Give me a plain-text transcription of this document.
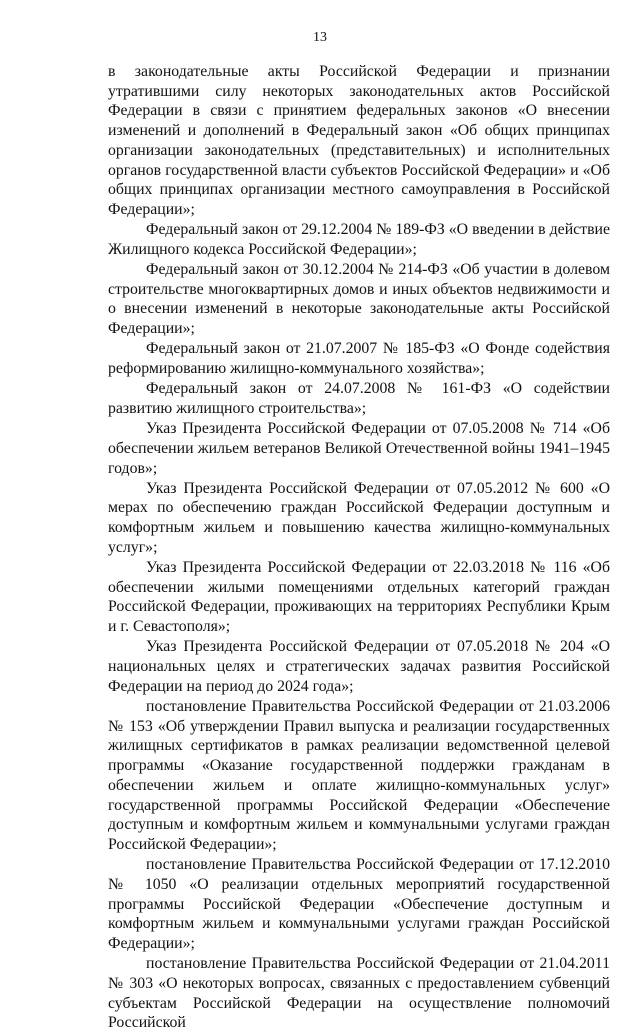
13

в законодательные акты Российской Федерации и признании утратившими силу некоторых законодательных актов Российской Федерации в связи с принятием федеральных законов «О внесении изменений и дополнений в Федеральный закон «Об общих принципах организации законодательных (представительных) и исполнительных органов государственной власти субъектов Российской Федерации» и «Об общих принципах организации местного самоуправления в Российской Федерации»;

Федеральный закон от 29.12.2004 № 189-ФЗ «О введении в действие Жилищного кодекса Российской Федерации»;

Федеральный закон от 30.12.2004 № 214-ФЗ «Об участии в долевом строительстве многоквартирных домов и иных объектов недвижимости и о внесении изменений в некоторые законодательные акты Российской Федерации»;

Федеральный закон от 21.07.2007 № 185-ФЗ «О Фонде содействия реформированию жилищно-коммунального хозяйства»;

Федеральный закон от 24.07.2008 № 161-ФЗ «О содействии развитию жилищного строительства»;

Указ Президента Российской Федерации от 07.05.2008 № 714 «Об обеспечении жильем ветеранов Великой Отечественной войны 1941–1945 годов»;

Указ Президента Российской Федерации от 07.05.2012 № 600 «О мерах по обеспечению граждан Российской Федерации доступным и комфортным жильем и повышению качества жилищно-коммунальных услуг»;

Указ Президента Российской Федерации от 22.03.2018 № 116 «Об обеспечении жилыми помещениями отдельных категорий граждан Российской Федерации, проживающих на территориях Республики Крым и г. Севастополя»;

Указ Президента Российской Федерации от 07.05.2018 № 204 «О национальных целях и стратегических задачах развития Российской Федерации на период до 2024 года»;

постановление Правительства Российской Федерации от 21.03.2006 № 153 «Об утверждении Правил выпуска и реализации государственных жилищных сертификатов в рамках реализации ведомственной целевой программы «Оказание государственной поддержки гражданам в обеспечении жильем и оплате жилищно-коммунальных услуг» государственной программы Российской Федерации «Обеспечение доступным и комфортным жильем и коммунальными услугами граждан Российской Федерации»;

постановление Правительства Российской Федерации от 17.12.2010 № 1050 «О реализации отдельных мероприятий государственной программы Российской Федерации «Обеспечение доступным и комфортным жильем и коммунальными услугами граждан Российской Федерации»;

постановление Правительства Российской Федерации от 21.04.2011 № 303 «О некоторых вопросах, связанных с предоставлением субвенций субъектам Российской Федерации на осуществление полномочий Российской
